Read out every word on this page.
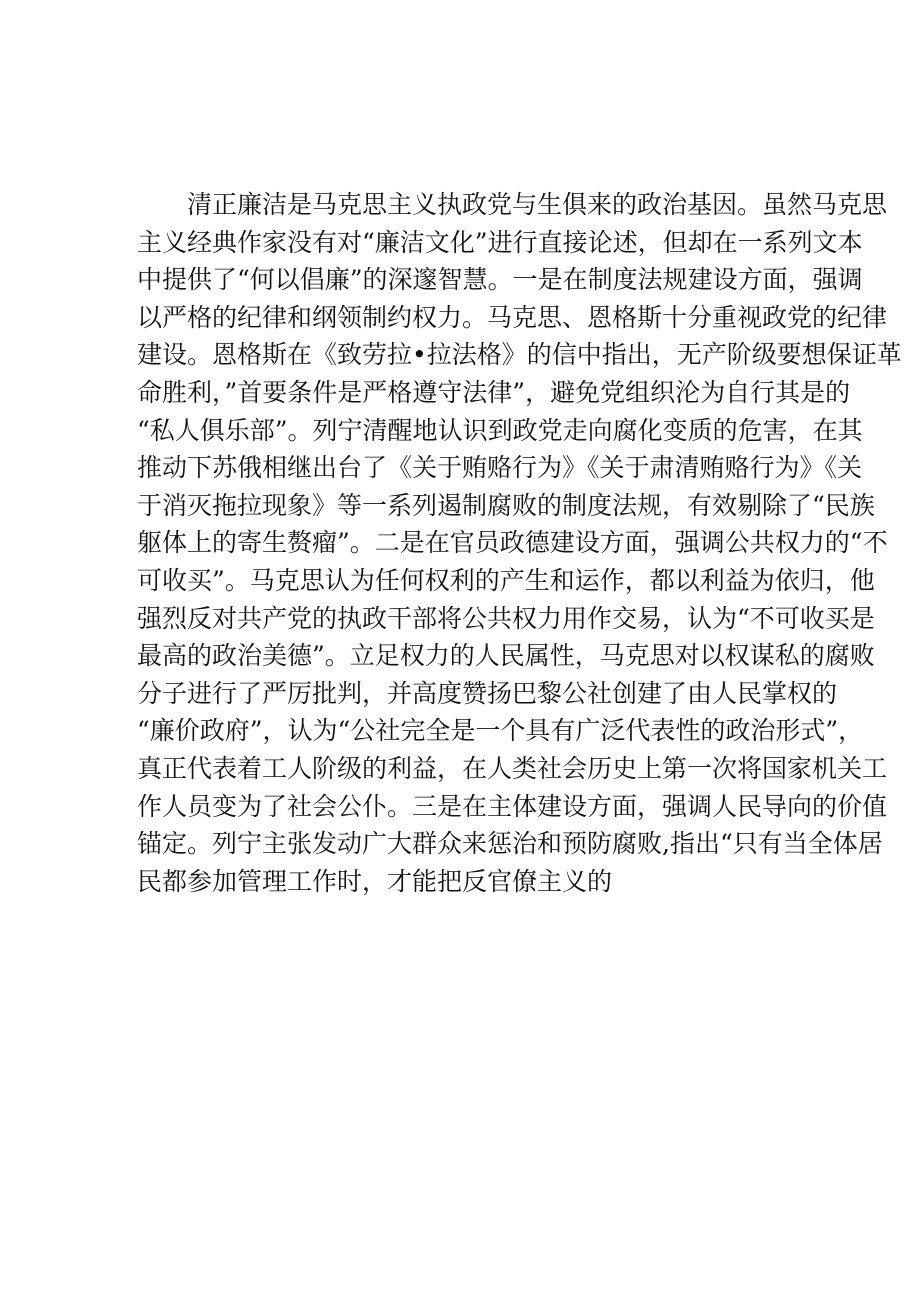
　　清正廉洁是马克思主义执政党与生俱来的政治基因。虽然马克思
主义经典作家没有对“廉洁文化”进行直接论述，但却在一系列文本
中提供了“何以倡廉”的深邃智慧。一是在制度法规建设方面，强调
以严格的纪律和纲领制约权力。马克思、恩格斯十分重视政党的纪律
建设。恩格斯在《致劳拉•拉法格》的信中指出，无产阶级要想保证革
命胜利，”首要条件是严格遵守法律”，避免党组织沦为自行其是的
“私人俱乐部”。列宁清醒地认识到政党走向腐化变质的危害，在其
推动下苏俄相继出台了《关于贿赂行为》《关于肃清贿赂行为》《关
于消灭拖拉现象》等一系列遏制腐败的制度法规，有效剔除了“民族
躯体上的寄生赘瘤”。二是在官员政德建设方面，强调公共权力的“不
可收买”。马克思认为任何权利的产生和运作，都以利益为依归，他
强烈反对共产党的执政干部将公共权力用作交易，认为“不可收买是
最高的政治美德”。立足权力的人民属性，马克思对以权谋私的腐败
分子进行了严厉批判，并高度赞扬巴黎公社创建了由人民掌权的
“廉价政府”，认为“公社完全是一个具有广泛代表性的政治形式”，
真正代表着工人阶级的利益，在人类社会历史上第一次将国家机关工
作人员变为了社会公仆。三是在主体建设方面，强调人民导向的价值
锚定。列宁主张发动广大群众来惩治和预防腐败,指出“只有当全体居
民都参加管理工作时，才能把反官僚主义的
